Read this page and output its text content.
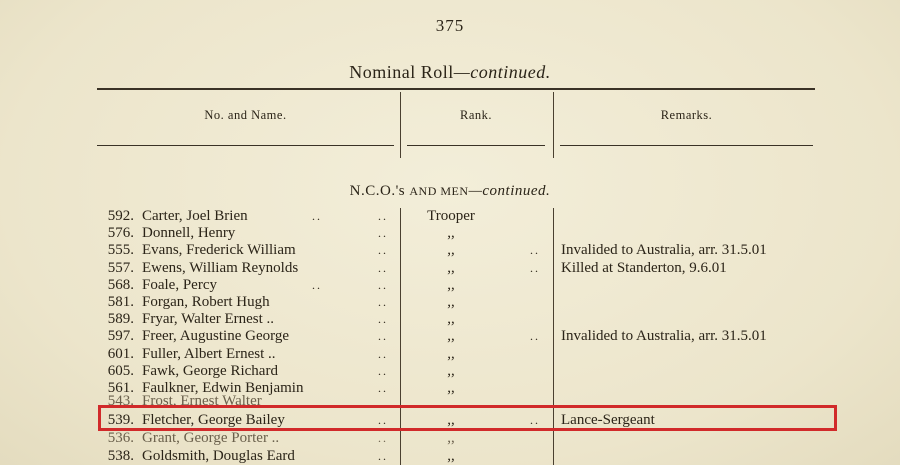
375
Nominal Roll—continued.
No. and Name.	Rank.	Remarks.
N.C.O.'s AND MEN—continued.
592. Carter, Joel Brien	..	..	Trooper
576. Donnell, Henry	..	,,
555. Evans, Frederick William	..	,,	.. Invalided to Australia, arr. 31.5.01
557. Ewens, William Reynolds	..	,,	.. Killed at Standerton, 9.6.01
568. Foale, Percy	..	..	,,
581. Forgan, Robert Hugh	..	,,
589. Fryar, Walter Ernest ..	..	,,
597. Freer, Augustine George	..	,,	.. Invalided to Australia, arr. 31.5.01
601. Fuller, Albert Ernest ..	..	,,
605. Fawk, George Richard	..	,,
561. Faulkner, Edwin Benjamin	..	,,
543. Frost, Ernest Walter
539. Fletcher, George Bailey	..	,,	.. Lance-Sergeant
536. Grant, George Porter ..	..	,,
538. Goldsmith, Douglas Eard	..	,,
